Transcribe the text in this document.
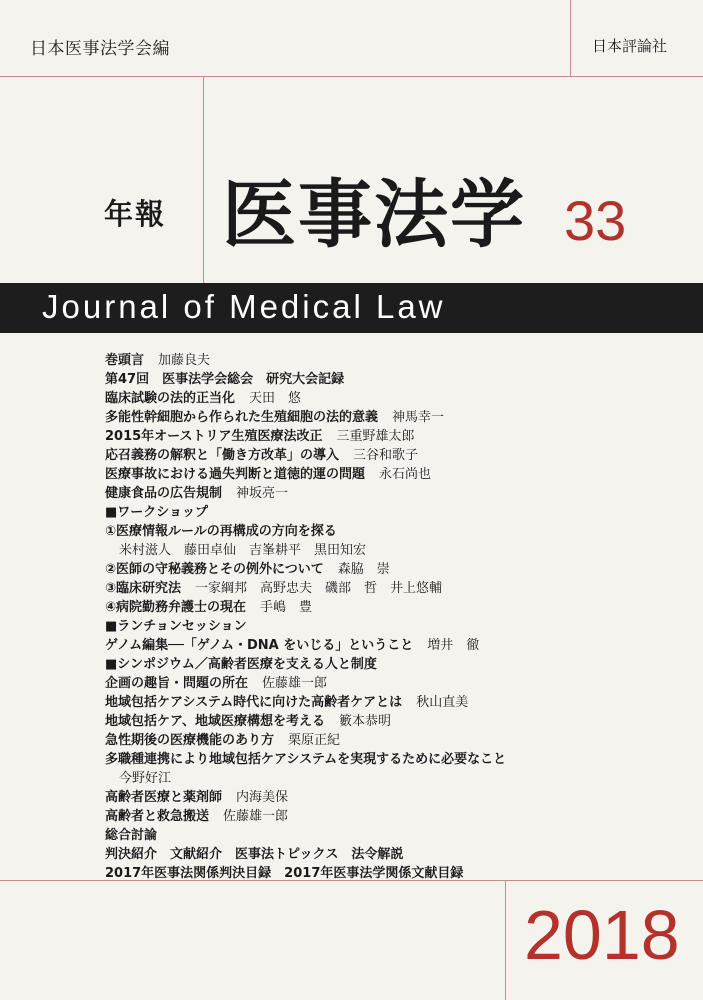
日本医事法学会編	日本評論社
年報 医事法学 33
Journal of Medical Law
巻頭言 加藤良夫
第47回　医事法学会総会　研究大会記録
臨床試験の法的正当化 天田　悠
多能性幹細胞から作られた生殖細胞の法的意義 神馬幸一
2015年オーストリア生殖医療法改正 三重野雄太郎
応召義務の解釈と「働き方改革」の導入 三谷和歌子
医療事故における過失判断と道徳的運の問題 永石尚也
健康食品の広告規制 神坂亮一
■ワークショップ
①医療情報ルールの再構成の方向を探る
米村滋人　藤田卓仙　吉峯耕平　黒田知宏
②医師の守秘義務とその例外について 森脇　崇
③臨床研究法 一家綱邦　高野忠夫　磯部　哲　井上悠輔
④病院勤務弁護士の現在 手嶋　豊
■ランチョンセッション
ゲノム編集──「ゲノム・DNA をいじる」ということ 増井　徹
■シンポジウム／高齢者医療を支える人と制度
企画の趣旨・問題の所在 佐藤雄一郎
地域包括ケアシステム時代に向けた高齢者ケアとは 秋山直美
地域包括ケア、地域医療構想を考える 籔本恭明
急性期後の医療機能のあり方 栗原正紀
多職種連携により地域包括ケアシステムを実現するために必要なこと
今野好江
高齢者医療と薬剤師 内海美保
高齢者と救急搬送 佐藤雄一郎
総合討論
判決紹介　文献紹介　医事法トピックス　法令解説
2017年医事法関係判決目録　2017年医事法学関係文献目録
2018
